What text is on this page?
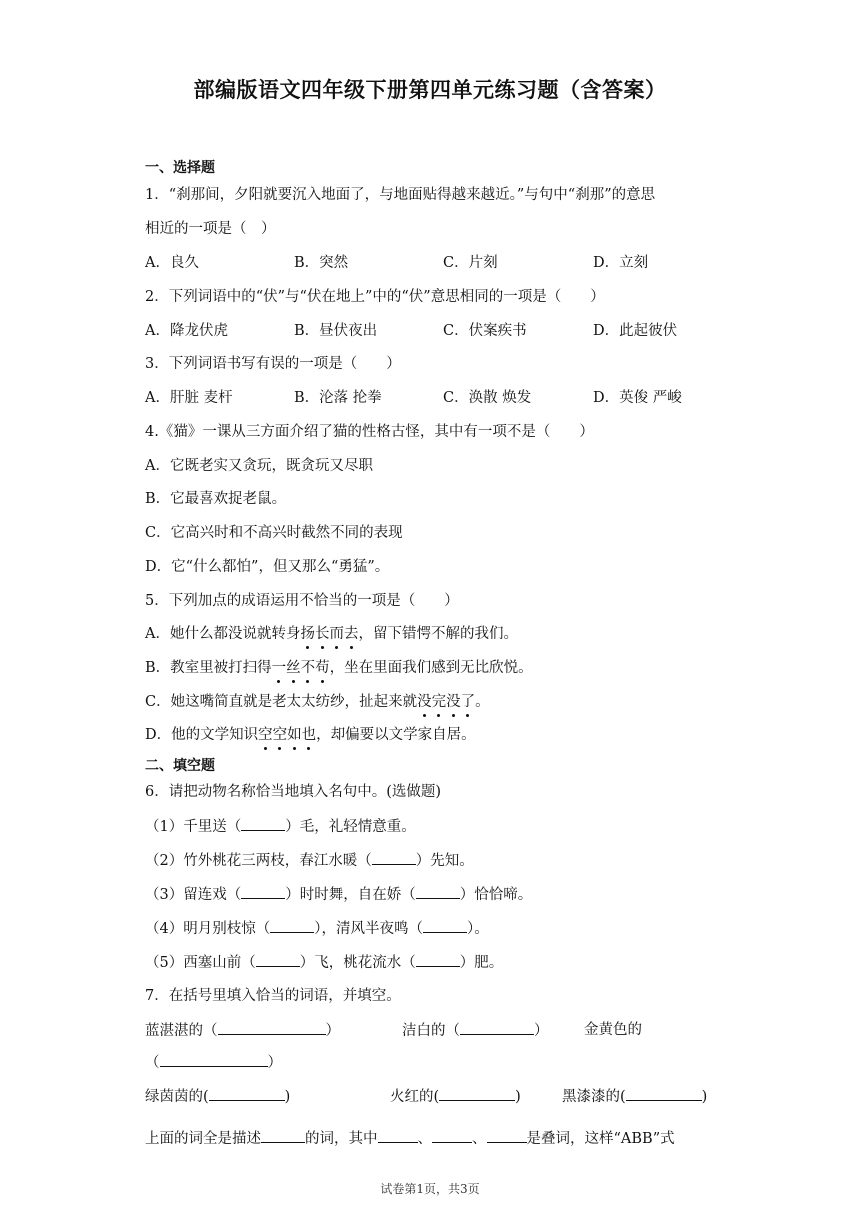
部编版语文四年级下册第四单元练习题（含答案）
一、选择题
1．“刹那间，夕阳就要沉入地面了，与地面贴得越来越近。”与句中“刹那”的意思
相近的一项是（　）
A．良久	B．突然	C．片刻	D．立刻
2．下列词语中的“伏”与“伏在地上”中的“伏”意思相同的一项是（　　）
A．降龙伏虎	B．昼伏夜出	C．伏案疾书	D．此起彼伏
3．下列词语书写有误的一项是（　　）
A．肝脏 麦杆	B．沦落 抡拳	C．涣散 焕发	D．英俊 严峻
4.《猫》一课从三方面介绍了猫的性格古怪，其中有一项不是（　　）
A．它既老实又贪玩，既贪玩又尽职
B．它最喜欢捉老鼠。
C．它高兴时和不高兴时截然不同的表现
D．它“什么都怕”，但又那么“勇猛”。
5．下列加点的成语运用不恰当的一项是（　　）
A．她什么都没说就转身扬长而去，留下错愕不解的我们。
B．教室里被打扫得一丝不苟，坐在里面我们感到无比欣悦。
C．她这嘴简直就是老太太纺纱，扯起来就没完没了。
D．他的文学知识空空如也，却偏要以文学家自居。
二、填空题
6．请把动物名称恰当地填入名句中。(选做题)
（1）千里送（	）毛，礼轻情意重。
（2）竹外桃花三两枝，春江水暖（	）先知。
（3）留连戏（	）时时舞，自在娇（	）恰恰啼。
（4）明月别枝惊（	），清风半夜鸣（	）。
（5）西塞山前（	）飞，桃花流水（	）肥。
7．在括号里填入恰当的词语，并填空。
蓝湛湛的（	）	洁白的（	） 金黄色的
（	）
绿茵茵的(	)	火红的(	)	黑漆漆的(	)
上面的词全是描述	的词，其中	、	、	是叠词，这样“ABB”式
试卷第1页，共3页
